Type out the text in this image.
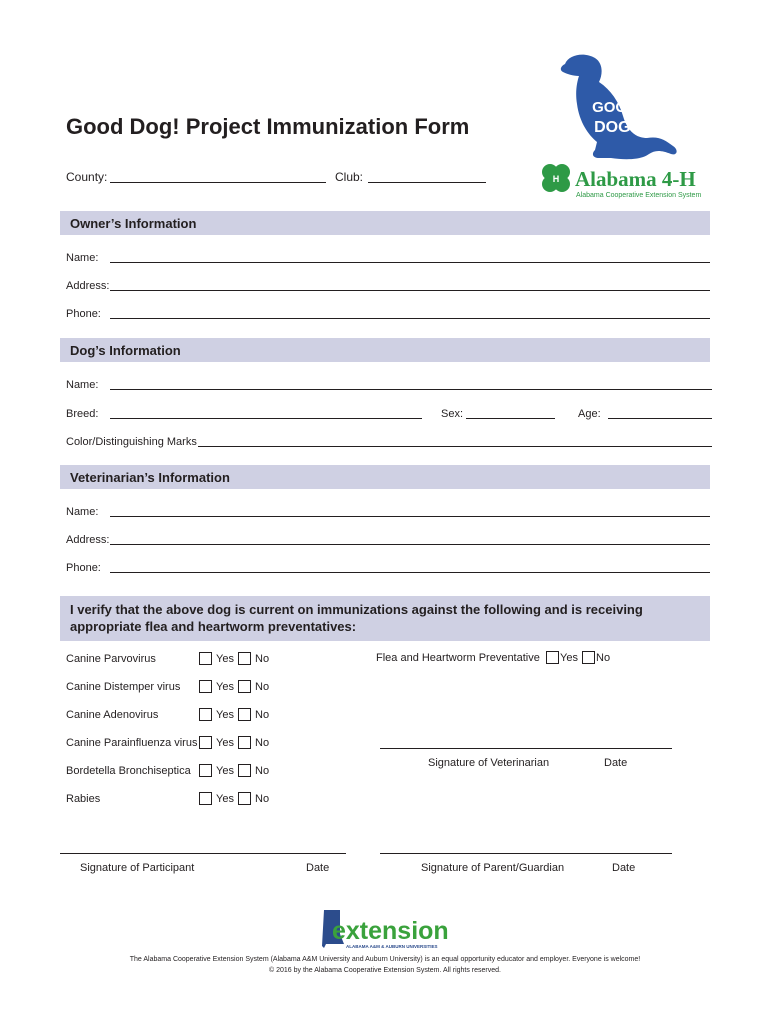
Good Dog! Project Immunization Form
County:	Club:
GOOD
DOG!
H Alabama 4-H
Alabama Cooperative Extension System
Owner’s Information
Name:
Address:
Phone:
Dog’s Information
Name:
Breed:	Sex:	Age:
Color/Distinguishing Marks
Veterinarian’s Information
Name:
Address:
Phone:
I verify that the above dog is current on immunizations against the following and is receiving
appropriate flea and heartworm preventatives:
Canine Parvovirus	Yes No
Canine Distemper virus	Yes No
Canine Adenovirus	Yes No
Canine Parainfluenza virus Yes No
Bordetella Bronchiseptica Yes No
Rabies	Yes No
Flea and Heartworm Preventative Yes No
Signature of Veterinarian	Date
Signature of Participant	Date	Signature of Parent/Guardian	Date
extension
ALABAMA A&M & AUBURN UNIVERSITIES
The Alabama Cooperative Extension System (Alabama A&M University and Auburn University) is an equal opportunity educator and employer. Everyone is welcome!
© 2016 by the Alabama Cooperative Extension System. All rights reserved.
